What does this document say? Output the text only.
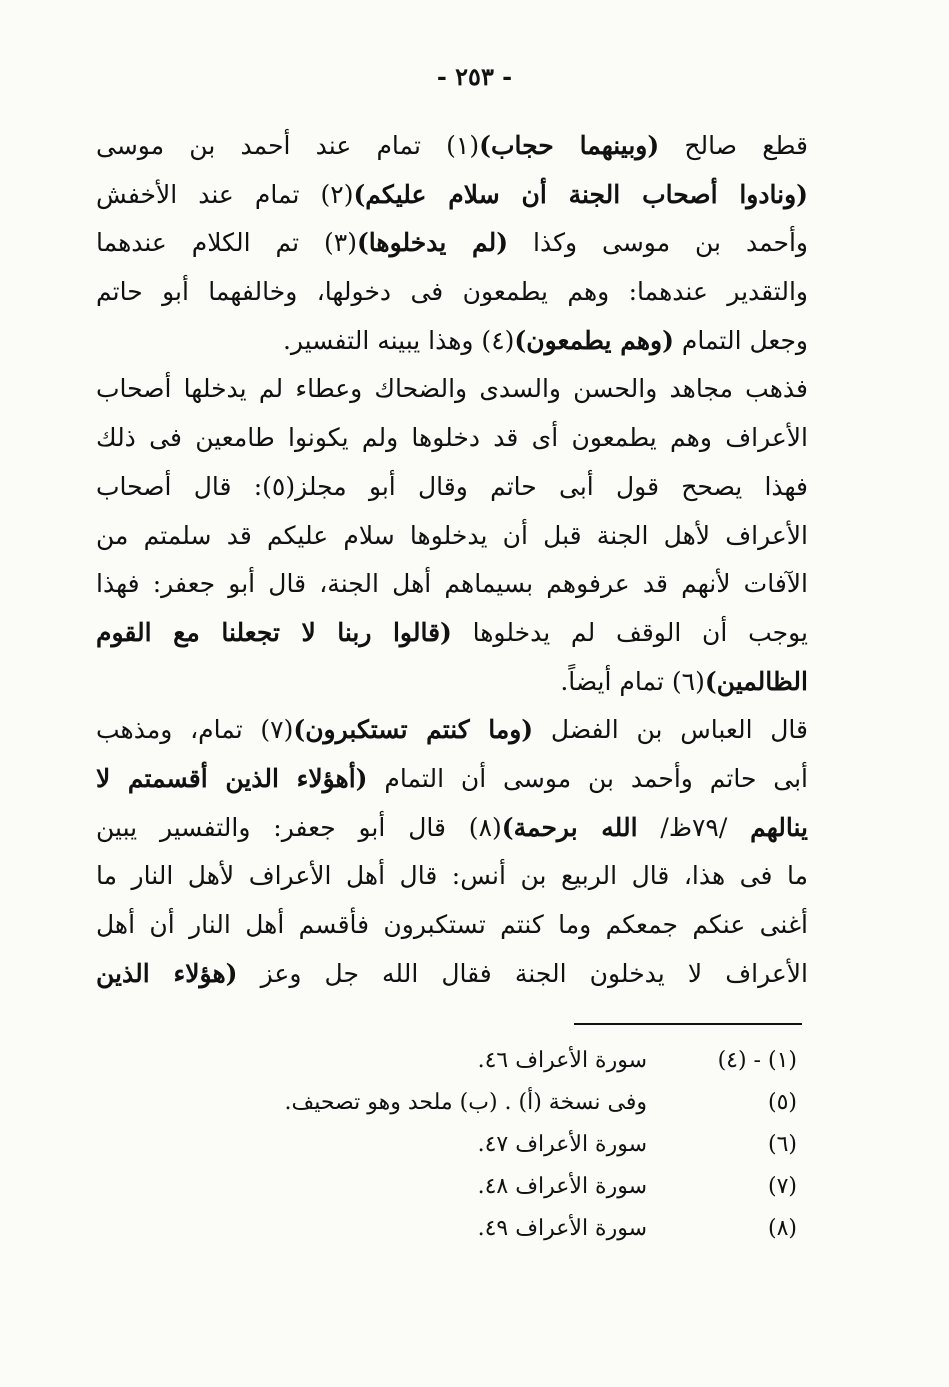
- ٢٥٣ -
قطع صالح (وبينهما حجاب)(١) تمام عند أحمد بن موسى
(ونادوا أصحاب الجنة أن سلام عليكم)(٢) تمام عند الأخفش
وأحمد بن موسى وكذا (لم يدخلوها)(٣) تم الكلام عندهما
والتقدير عندهما: وهم يطمعون فى دخولها، وخالفهما أبو حاتم
وجعل التمام (وهم يطمعون)(٤) وهذا يبينه التفسير.
فذهب مجاهد والحسن والسدى والضحاك وعطاء لم يدخلها أصحاب
الأعراف وهم يطمعون أى قد دخلوها ولم يكونوا طامعين فى ذلك
فهذا يصحح قول أبى حاتم وقال أبو مجلز(٥): قال أصحاب
الأعراف لأهل الجنة قبل أن يدخلوها سلام عليكم قد سلمتم من
الآفات لأنهم قد عرفوهم بسيماهم أهل الجنة، قال أبو جعفر: فهذا
يوجب أن الوقف لم يدخلوها (قالوا ربنا لا تجعلنا مع القوم
الظالمين)(٦) تمام أيضاً.
قال العباس بن الفضل (وما كنتم تستكبرون)(٧) تمام، ومذهب
أبى حاتم وأحمد بن موسى أن التمام (أهؤلاء الذين أقسمتم لا
ينالهم /٧٩ظ/ الله برحمة)(٨) قال أبو جعفر: والتفسير يبين
ما فى هذا، قال الربيع بن أنس: قال أهل الأعراف لأهل النار ما
أغنى عنكم جمعكم وما كنتم تستكبرون فأقسم أهل النار أن أهل
الأعراف لا يدخلون الجنة فقال الله جل وعز (هؤلاء الذين
(١) - (٤)
سورة الأعراف ٤٦.
(٥)
وفى نسخة (أ) . (ب) ملحد وهو تصحيف.
(٦)
سورة الأعراف ٤٧.
(٧)
سورة الأعراف ٤٨.
(٨)
سورة الأعراف ٤٩.
